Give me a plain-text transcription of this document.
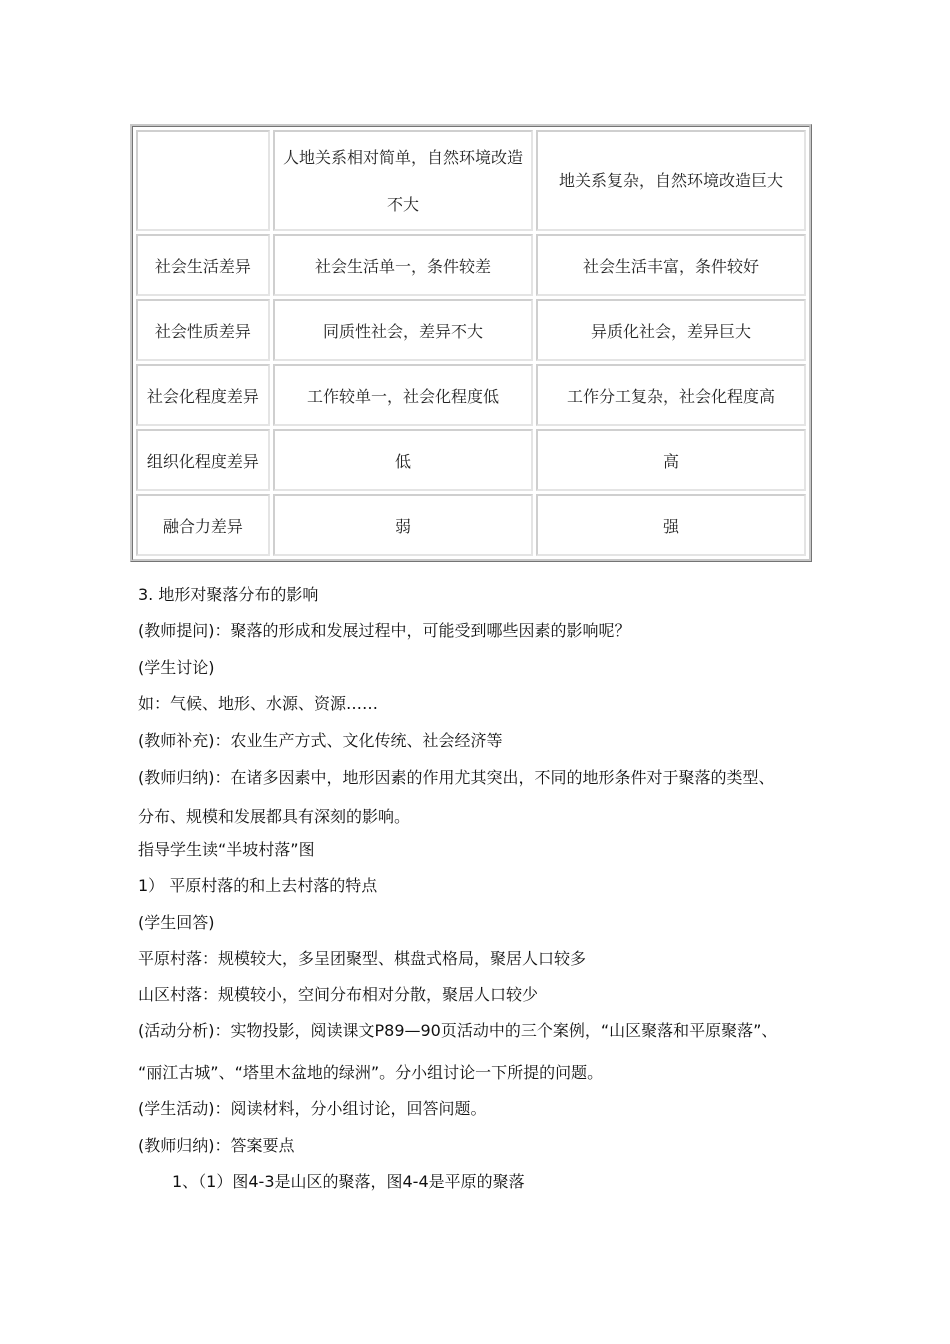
	人地关系相对简单，自然环境改造不大	地关系复杂，自然环境改造巨大
社会生活差异	社会生活单一，条件较差	社会生活丰富，条件较好
社会性质差异	同质性社会，差异不大	异质化社会，差异巨大
社会化程度差异	工作较单一，社会化程度低	工作分工复杂，社会化程度高
组织化程度差异	低	高
融合力差异	弱	强
3. 地形对聚落分布的影响
(教师提问)：聚落的形成和发展过程中，可能受到哪些因素的影响呢？
(学生讨论)
如：气候、地形、水源、资源……
(教师补充)：农业生产方式、文化传统、社会经济等
(教师归纳)：在诸多因素中，地形因素的作用尤其突出，不同的地形条件对于聚落的类型、
分布、规模和发展都具有深刻的影响。
指导学生读“半坡村落”图
1） 平原村落的和上去村落的特点
(学生回答)
平原村落：规模较大，多呈团聚型、棋盘式格局，聚居人口较多
山区村落：规模较小，空间分布相对分散，聚居人口较少
(活动分析)：实物投影，阅读课文P89—90页活动中的三个案例，“山区聚落和平原聚落”、
“丽江古城”、“塔里木盆地的绿洲”。分小组讨论一下所提的问题。
(学生活动)：阅读材料，分小组讨论，回答问题。
(教师归纳)：答案要点
1、（1）图4-3是山区的聚落，图4-4是平原的聚落
